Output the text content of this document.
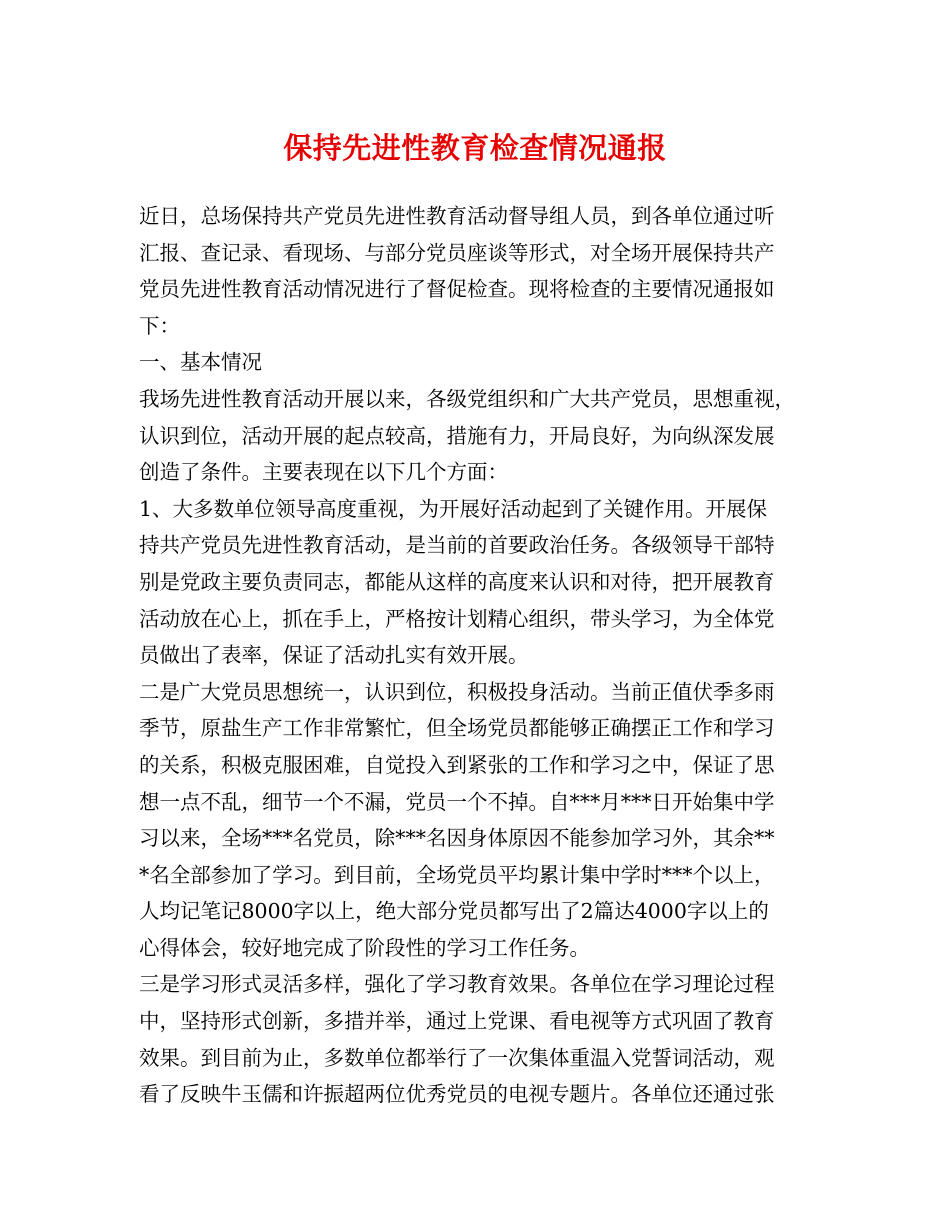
保持先进性教育检查情况通报
近日，总场保持共产党员先进性教育活动督导组人员，到各单位通过听
汇报、查记录、看现场、与部分党员座谈等形式，对全场开展保持共产
党员先进性教育活动情况进行了督促检查。现将检查的主要情况通报如
下：
一、基本情况
我场先进性教育活动开展以来，各级党组织和广大共产党员，思想重视，
认识到位，活动开展的起点较高，措施有力，开局良好，为向纵深发展
创造了条件。主要表现在以下几个方面：
1、大多数单位领导高度重视，为开展好活动起到了关键作用。开展保
持共产党员先进性教育活动，是当前的首要政治任务。各级领导干部特
别是党政主要负责同志，都能从这样的高度来认识和对待，把开展教育
活动放在心上，抓在手上，严格按计划精心组织，带头学习，为全体党
员做出了表率，保证了活动扎实有效开展。
二是广大党员思想统一，认识到位，积极投身活动。当前正值伏季多雨
季节，原盐生产工作非常繁忙，但全场党员都能够正确摆正工作和学习
的关系，积极克服困难，自觉投入到紧张的工作和学习之中，保证了思
想一点不乱，细节一个不漏，党员一个不掉。自***月***日开始集中学
习以来，全场***名党员，除***名因身体原因不能参加学习外，其余**
*名全部参加了学习。到目前，全场党员平均累计集中学时***个以上，
人均记笔记8000字以上，绝大部分党员都写出了2篇达4000字以上的
心得体会，较好地完成了阶段性的学习工作任务。
三是学习形式灵活多样，强化了学习教育效果。各单位在学习理论过程
中，坚持形式创新，多措并举，通过上党课、看电视等方式巩固了教育
效果。到目前为止，多数单位都举行了一次集体重温入党誓词活动，观
看了反映牛玉儒和许振超两位优秀党员的电视专题片。各单位还通过张
